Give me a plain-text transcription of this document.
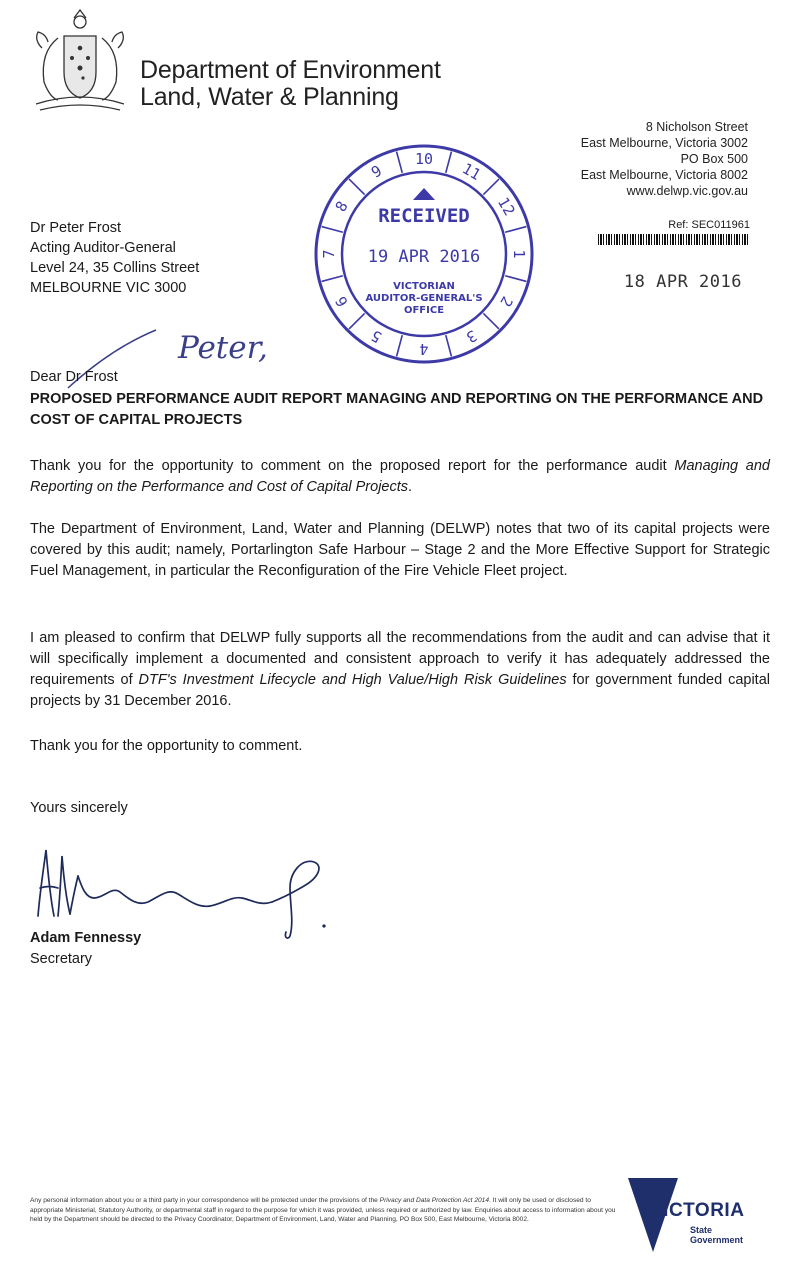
Department of Environment
Land, Water & Planning
8 Nicholson Street
East Melbourne, Victoria 3002
PO Box 500
East Melbourne, Victoria 8002
www.delwp.vic.gov.au
Ref: SEC011961
18 APR 2016
10
11
12
1
2
3
4
5
6
7
8
9
RECEIVED
19 APR 2016
VICTORIAN
AUDITOR-GENERAL'S
OFFICE
Dr Peter Frost
Acting Auditor-General
Level 24, 35 Collins Street
MELBOURNE VIC 3000
Dear Dr Frost
Peter,
PROPOSED PERFORMANCE AUDIT REPORT MANAGING AND REPORTING ON THE PERFORMANCE AND COST OF CAPITAL PROJECTS
Thank you for the opportunity to comment on the proposed report for the performance audit Managing and Reporting on the Performance and Cost of Capital Projects.
The Department of Environment, Land, Water and Planning (DELWP) notes that two of its capital projects were covered by this audit; namely, Portarlington Safe Harbour – Stage 2 and the More Effective Support for Strategic Fuel Management, in particular the Reconfiguration of the Fire Vehicle Fleet project.
I am pleased to confirm that DELWP fully supports all the recommendations from the audit and can advise that it will specifically implement a documented and consistent approach to verify it has adequately addressed the requirements of DTF's Investment Lifecycle and High Value/High Risk Guidelines for government funded capital projects by 31 December 2016.
Thank you for the opportunity to comment.
Yours sincerely
Adam Fennessy
Secretary
Any personal information about you or a third party in your correspondence will be protected under the provisions of the Privacy and Data Protection Act 2014. It will only be used or disclosed to appropriate Ministerial, Statutory Authority, or departmental staff in regard to the purpose for which it was provided, unless required or authorized by law. Enquiries about access to information about you held by the Department should be directed to the Privacy Coordinator, Department of Environment, Land, Water and Planning, PO Box 500, East Melbourne, Victoria 8002.	VICTORIA
State
Government
